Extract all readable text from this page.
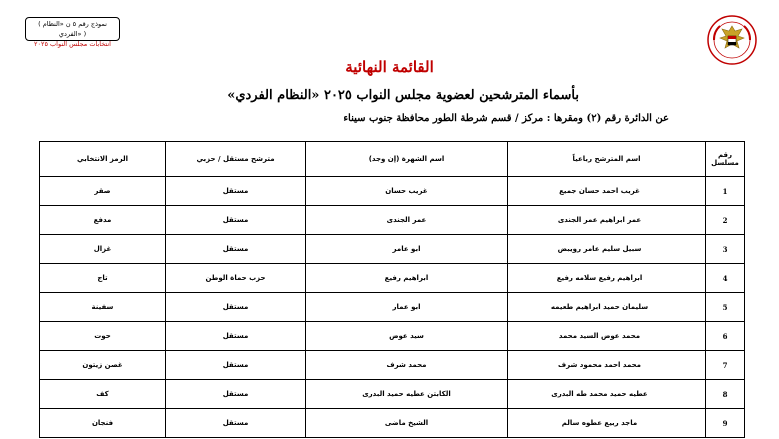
( نموذج رقم ٥ ن «النظام الفردي» )
انتخابات مجلس النواب ٢٠٢٥
القائمة النهائية
بأسماء المترشحين لعضوية مجلس النواب ٢٠٢٥ «النظام الفردي»
عن الدائرة رقم (٢) ومقرها : مركز / قسم شرطة الطور محافظة جنوب سيناء
رقم مسلسل	اسم المترشح رباعياً	اسم الشهرة (إن وجد)	مترشح مستقل / حزبي	الرمز الانتخابي
1	غريب احمد حسان جميع	غريب حسان	مستقل	صقر
2	عمر ابراهيم عمر الجندى	عمر الجندى	مستقل	مدفع
3	سبيل سليم عامر رويبض	ابو عامر	مستقل	غزال
4	ابراهيم رفيع سلامه رفيع	ابراهيم رفيع	حزب حماة الوطن	تاج
5	سليمان حميد ابراهيم طعيمه	ابو عمار	مستقل	سفينة
6	محمد عوض السيد محمد	سيد عوض	مستقل	حوت
7	محمد احمد محمود شرف	محمد شرف	مستقل	غصن زيتون
8	عطيه حميد محمد طه البدرى	الكابتن عطيه حميد البدرى	مستقل	كف
9	ماجد ربيع عطوه سالم	الشيخ ماضى	مستقل	فنجان
